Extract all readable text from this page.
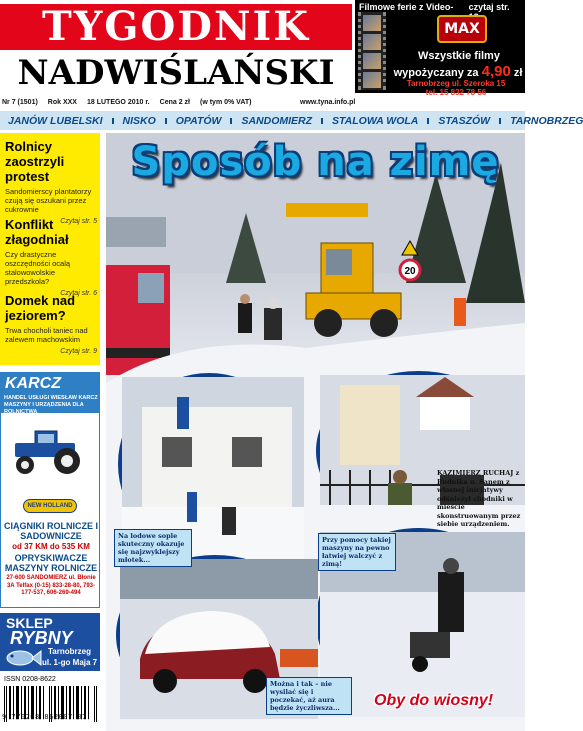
TYGODNIK
NADWIŚLAŃSKI
Filmowe ferie z Video-	czytaj str.
MAX
Wszystkie filmy
wypożyczany za 4,90 zł
Tarnobrzeg ul. Szeroka 15
tel. 15 832 78 56
Nr 7 (1501) Rok XXX 18 LUTEGO 2010 r. Cena 2 zł (w tym 0% VAT)	www.tyna.info.pl
JANÓW LUBELSKI NISKO OPATÓW SANDOMIERZ STALOWA WOLA STASZÓW TARNOBRZEG
Rolnicy zaostrzyli protest

Sandomierscy plantatorzy czują się oszukani przez cukrownie

Czytaj str. 5
Konflikt złagodniał

Czy drastyczne oszczędności ocalą stalowowolskie przedszkola?

Czytaj str. 6
Domek nad jeziorem?

Trwa chocholi taniec nad zalewem machowskim

Czytaj str. 9
KARCZ
HANDEL USŁUGI WIESŁAW KARCZ MASZYNY I URZĄDZENIA DLA ROLNICTWA
NEW HOLLAND
CIĄGNIKI ROLNICZE I SADOWNICZE
od 37 KM do 535 KM
OPRYSKIWACZE MASZYNY ROLNICZE
27-600 SANDOMIERZ ul. Błonie 3A Telfax (0-15) 833-28-80, 793-177-537, 606-269-494
SKLEP
RYBNY
Tarnobrzeg
ul. 1-go Maja 7
ISSN 0208-8622
9 770208 862007 07
20
Sposób na zimę
Na lodowe sople skuteczny okazuje się najzwyklejszy młotek...
KAZIMIERZ RUCHAJ z Rudnika n. Sanem z własnej inicjatywy odśnieżył chodniki w mieście skonstruowanym przez siebie urządzeniem.
Przy pomocy takiej maszyny na pewno łatwiej walczyć z zimą!
Można i tak – nie wysilać się i poczekać, aż aura będzie życzliwsza...	Oby do wiosny!
